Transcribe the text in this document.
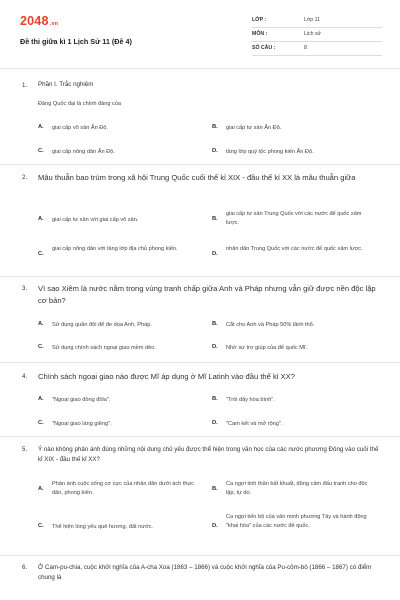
2048.vn
Đề thi giữa kì 1 Lịch Sử 11 (Đề 4)
LỚP :	Lớp 11
MÔN :	Lịch sử
SỐ CÂU :	8
1. Phần I. Trắc nghiệm
Đảng Quốc đại là chính đảng của
A. giai cấp vô sản Ấn Độ.	B. giai cấp tư sản Ấn Độ.
C. giai cấp nông dân Ấn Độ.	D. tầng lớp quý tộc phong kiến Ấn Độ.
2. Mâu thuẫn bao trùm trong xã hội Trung Quốc cuối thế kỉ XIX - đầu thế kỉ XX là mâu thuẫn giữa
A. giai cấp tư sản với giai cấp vô sản.	B.
giai cấp tư sản Trung Quốc với các nước đế quốc xâm lược.
C.
giai cấp nông dân với tầng lớp địa chủ phong kiến.
D.
nhân dân Trung Quốc với các nước đế quốc xâm lược.
3. Vì sao Xiêm là nước nằm trong vùng tranh chấp giữa Anh và Pháp nhưng vẫn giữ được nền độc lập cơ bản?
A. Sử dụng quân đội để đe dọa Anh, Pháp.	B. Cắt cho Anh và Pháp 50% lãnh thổ.
C. Sử dụng chính sách ngoại giao mềm dẻo.	D. Nhờ sự trợ giúp của đế quốc Mĩ.
4. Chính sách ngoại giao nào được Mĩ áp dụng ở Mĩ Latinh vào đầu thế kỉ XX?
A. "Ngoại giao đồng đôla".	B. "Trói dây hòa bình".
C. "Ngoại giao láng giềng".	D. "Cam kết và mở rộng".
5. Ý nào không phản ánh đúng những nội dung chủ yếu được thể hiện trong văn học của các nước phương Đông vào cuối thế kỉ XIX - đầu thế kỉ XX?
A.
Phản ánh cuộc sống cơ cực của nhân dân dưới ách thực dân, phong kiến.
B.
Ca ngợi tinh thần bất khuất, dũng cảm đấu tranh cho độc lập, tự do.
C. Thể hiện lòng yêu quê hương, đất nước.	D.
Ca ngợi tiến bộ của văn minh phương Tây và hành động "khai hóa" của các nước đế quốc.
6. Ở Cam-pu-chia, cuộc khởi nghĩa của A-cha Xoa (1863 – 1866) và cuộc khởi nghĩa của Pu-côm-bô (1866 – 1867) có điểm chung là
